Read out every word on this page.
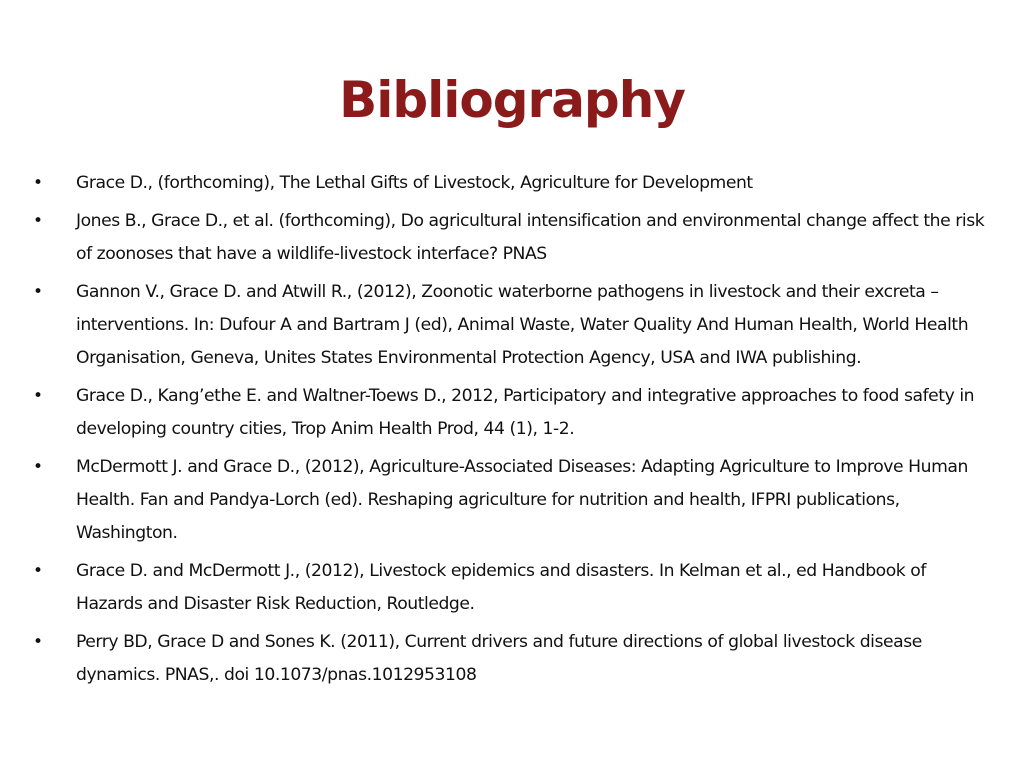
Bibliography
• Grace D., (forthcoming), The Lethal Gifts of Livestock, Agriculture for Development
• Jones B., Grace D., et al. (forthcoming), Do agricultural intensification and environmental change affect the risk of zoonoses that have a wildlife-livestock interface? PNAS
• Gannon V., Grace D. and Atwill R., (2012), Zoonotic waterborne pathogens in livestock and their excreta – interventions. In: Dufour A and Bartram J (ed), Animal Waste, Water Quality And Human Health, World Health Organisation, Geneva, Unites States Environmental Protection Agency, USA and IWA publishing.
• Grace D., Kang’ethe E. and Waltner-Toews D., 2012, Participatory and integrative approaches to food safety in developing country cities, Trop Anim Health Prod, 44 (1), 1-2.
• McDermott J. and Grace D., (2012), Agriculture-Associated Diseases: Adapting Agriculture to Improve Human Health. Fan and Pandya-Lorch (ed). Reshaping agriculture for nutrition and health, IFPRI publications, Washington.
• Grace D. and McDermott J., (2012), Livestock epidemics and disasters. In Kelman et al., ed Handbook of Hazards and Disaster Risk Reduction, Routledge.
• Perry BD, Grace D and Sones K. (2011), Current drivers and future directions of global livestock disease dynamics. PNAS,. doi 10.1073/pnas.1012953108
